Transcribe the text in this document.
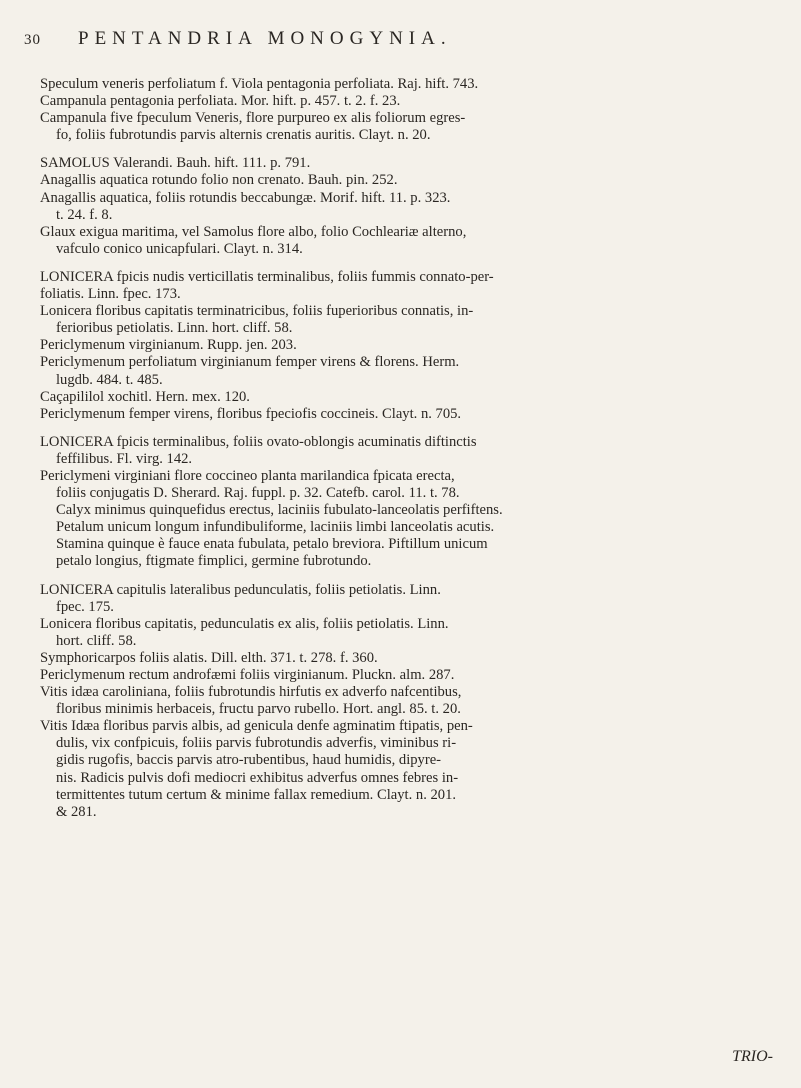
30 PENTANDRIA MONOGYNIA.
Speculum veneris perfoliatum f. Viola pentagonia perfoliata. Raj. hift. 743.
Campanula pentagonia perfoliata. Mor. hift. p. 457. t. 2. f. 23.
Campanula five fpeculum Veneris, flore purpureo ex alis foliorum egres-
fo, foliis fubrotundis parvis alternis crenatis auritis. Clayt. n. 20.
SAMOLUS Valerandi. Bauh. hift. 111. p. 791.
Anagallis aquatica rotundo folio non crenato. Bauh. pin. 252.
Anagallis aquatica, foliis rotundis beccabungæ. Morif. hift. 11. p. 323.
t. 24. f. 8.
Glaux exigua maritima, vel Samolus flore albo, folio Cochleariæ alterno,
vafculo conico unicapfulari. Clayt. n. 314.
LONICERA fpicis nudis verticillatis terminalibus, foliis fummis connato-per-
foliatis. Linn. fpec. 173.
Lonicera floribus capitatis terminatricibus, foliis fuperioribus connatis, in-
ferioribus petiolatis. Linn. hort. cliff. 58.
Periclymenum virginianum. Rupp. jen. 203.
Periclymenum perfoliatum virginianum femper virens & florens. Herm.
lugdb. 484. t. 485.
Caçapililol xochitl. Hern. mex. 120.
Periclymenum femper virens, floribus fpeciofis coccineis. Clayt. n. 705.
LONICERA fpicis terminalibus, foliis ovato-oblongis acuminatis diftinctis
feffilibus. Fl. virg. 142.
Periclymeni virginiani flore coccineo planta marilandica fpicata erecta,
foliis conjugatis D. Sherard. Raj. fuppl. p. 32. Catefb. carol. 11. t. 78.
Calyx minimus quinquefidus erectus, laciniis fubulato-lanceolatis perfiftens.
Petalum unicum longum infundibuliforme, laciniis limbi lanceolatis acutis.
Stamina quinque è fauce enata fubulata, petalo breviora. Piftillum unicum
petalo longius, ftigmate fimplici, germine fubrotundo.
LONICERA capitulis lateralibus pedunculatis, foliis petiolatis. Linn.
fpec. 175.
Lonicera floribus capitatis, pedunculatis ex alis, foliis petiolatis. Linn.
hort. cliff. 58.
Symphoricarpos foliis alatis. Dill. elth. 371. t. 278. f. 360.
Periclymenum rectum androfæmi foliis virginianum. Pluckn. alm. 287.
Vitis idæa caroliniana, foliis fubrotundis hirfutis ex adverfo nafcentibus,
floribus minimis herbaceis, fructu parvo rubello. Hort. angl. 85. t. 20.
Vitis Idæa floribus parvis albis, ad genicula denfe agminatim ftipatis, pen-
dulis, vix confpicuis, foliis parvis fubrotundis adverfis, viminibus ri-
gidis rugofis, baccis parvis atro-rubentibus, haud humidis, dipyre-
nis. Radicis pulvis dofi mediocri exhibitus adverfus omnes febres in-
termittentes tutum certum & minime fallax remedium. Clayt. n. 201.
& 281.
TRIO-
